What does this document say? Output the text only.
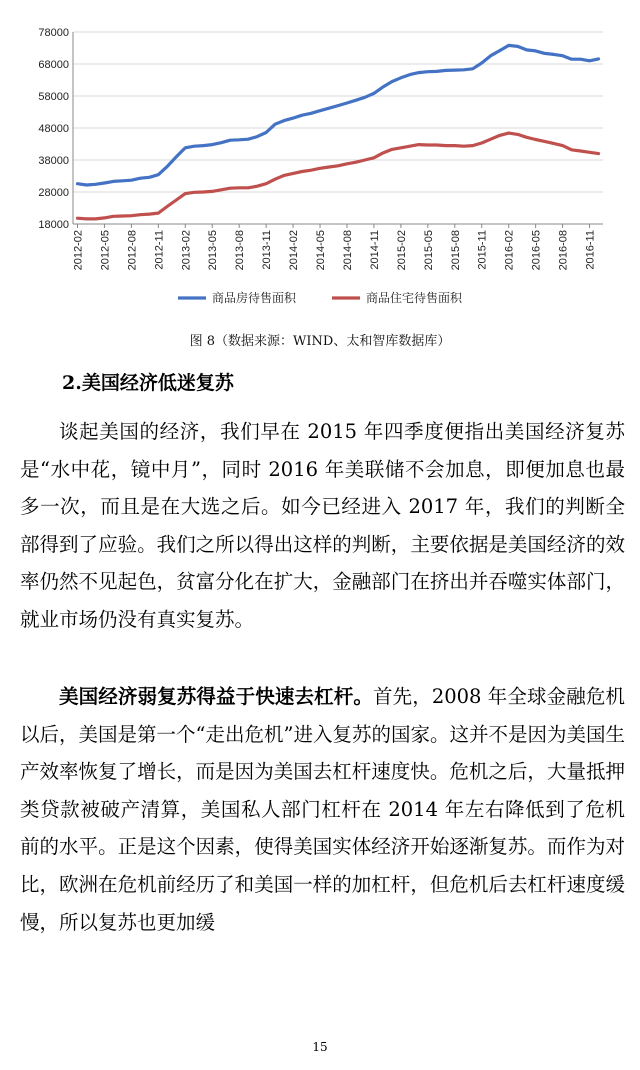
78000
68000
58000
48000
38000
28000
18000
2012-02 2012-05 2012-08 2012-11 2013-02 2013-05 2013-08 2013-11 2014-02 2014-05 2014-08 2014-11 2015-02 2015-05 2015-08 2015-11 2016-02 2016-05 2016-08 2016-11
商品房待售面积	商品住宅待售面积
图 8（数据来源：WIND、太和智库数据库）
2.美国经济低迷复苏

谈起美国的经济，我们早在 2015 年四季度便指出美国经济复苏是“水中花，镜中月”，同时 2016 年美联储不会加息，即便加息也最多一次，而且是在大选之后。如今已经进入 2017 年，我们的判断全部得到了应验。我们之所以得出这样的判断，主要依据是美国经济的效率仍然不见起色，贫富分化在扩大，金融部门在挤出并吞噬实体部门，就业市场仍没有真实复苏。

美国经济弱复苏得益于快速去杠杆。首先，2008 年全球金融危机以后，美国是第一个“走出危机”进入复苏的国家。这并不是因为美国生产效率恢复了增长，而是因为美国去杠杆速度快。危机之后，大量抵押类贷款被破产清算，美国私人部门杠杆在 2014 年左右降低到了危机前的水平。正是这个因素，使得美国实体经济开始逐渐复苏。而作为对比，欧洲在危机前经历了和美国一样的加杠杆，但危机后去杠杆速度缓慢，所以复苏也更加缓

15
